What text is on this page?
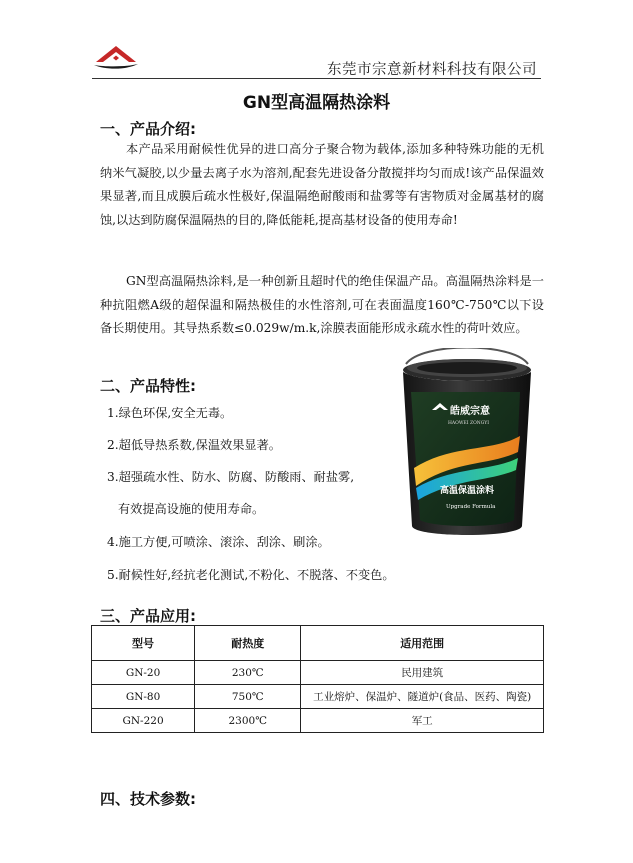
东莞市宗意新材料科技有限公司
GN型高温隔热涂料
一、产品介绍:

本产品采用耐候性优异的进口高分子聚合物为载体,添加多种特殊功能的无机纳米气凝胶,以少量去离子水为溶剂,配套先进设备分散搅拌均匀而成!该产品保温效果显著,而且成膜后疏水性极好,保温隔绝耐酸雨和盐雾等有害物质对金属基材的腐蚀,以达到防腐保温隔热的目的,降低能耗,提高基材设备的使用寿命!

GN型高温隔热涂料,是一种创新且超时代的绝佳保温产品。高温隔热涂料是一种抗阻燃A级的超保温和隔热极佳的水性溶剂,可在表面温度160℃-750℃以下设备长期使用。其导热系数≤0.029w/m.k,涂膜表面能形成永疏水性的荷叶效应。

二、产品特性:
1.绿色环保,安全无毒。
2.超低导热系数,保温效果显著。
3.超强疏水性、防水、防腐、防酸雨、耐盐雾,
有效提高设施的使用寿命。
4.施工方便,可喷涂、滚涂、刮涂、刷涂。
5.耐候性好,经抗老化测试,不粉化、不脱落、不变色。
皓威宗意
HAOWEI ZONGYI
高温保温涂料
Upgrade Formula
三、产品应用:
型号	耐热度	适用范围
GN-20	230℃	民用建筑
GN-80	750℃	工业熔炉、保温炉、隧道炉(食品、医药、陶瓷)
GN-220	2300℃	军工
四、技术参数:
